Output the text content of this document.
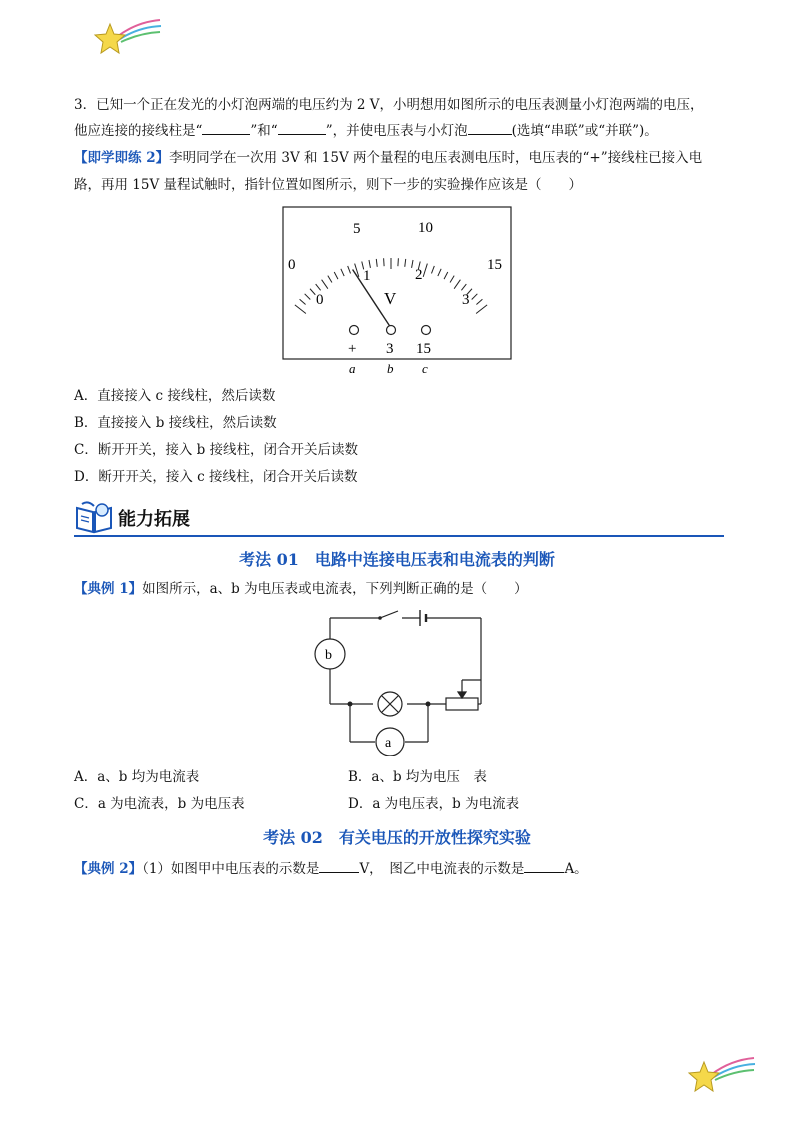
3．已知一个正在发光的小灯泡两端的电压约为 2 V，小明想用如图所示的电压表测量小灯泡两端的电压，
他应连接的接线柱是“	”和“	”，并使电压表与小灯泡	(选填“串联”或“并联”)。
【即学即练 2】李明同学在一次用 3V 和 15V 两个量程的电压表测电压时，电压表的“+”接线柱已接入电
路，再用 15V 量程试触时，指针位置如图所示，则下一步的实验操作应该是（　　）
0
5	10
15
0
1	2
3
V
+ 3 15
a b c
A．直接接入 c 接线柱，然后读数
B．直接接入 b 接线柱，然后读数
C．断开开关，接入 b 接线柱，闭合开关后读数
D．断开开关，接入 c 接线柱，闭合开关后读数
能力拓展
考法 01　电路中连接电压表和电流表的判断
【典例 1】如图所示，a、b 为电压表或电流表，下列判断正确的是（　　）
b
a
A．a、b 均为电流表	B．a、b 均为电压　表
C．a 为电流表，b 为电压表	D．a 为电压表，b 为电流表
考法 02　有关电压的开放性探究实验
【典例 2】（1）如图甲中电压表的示数是	V，　图乙中电流表的示数是	A。
